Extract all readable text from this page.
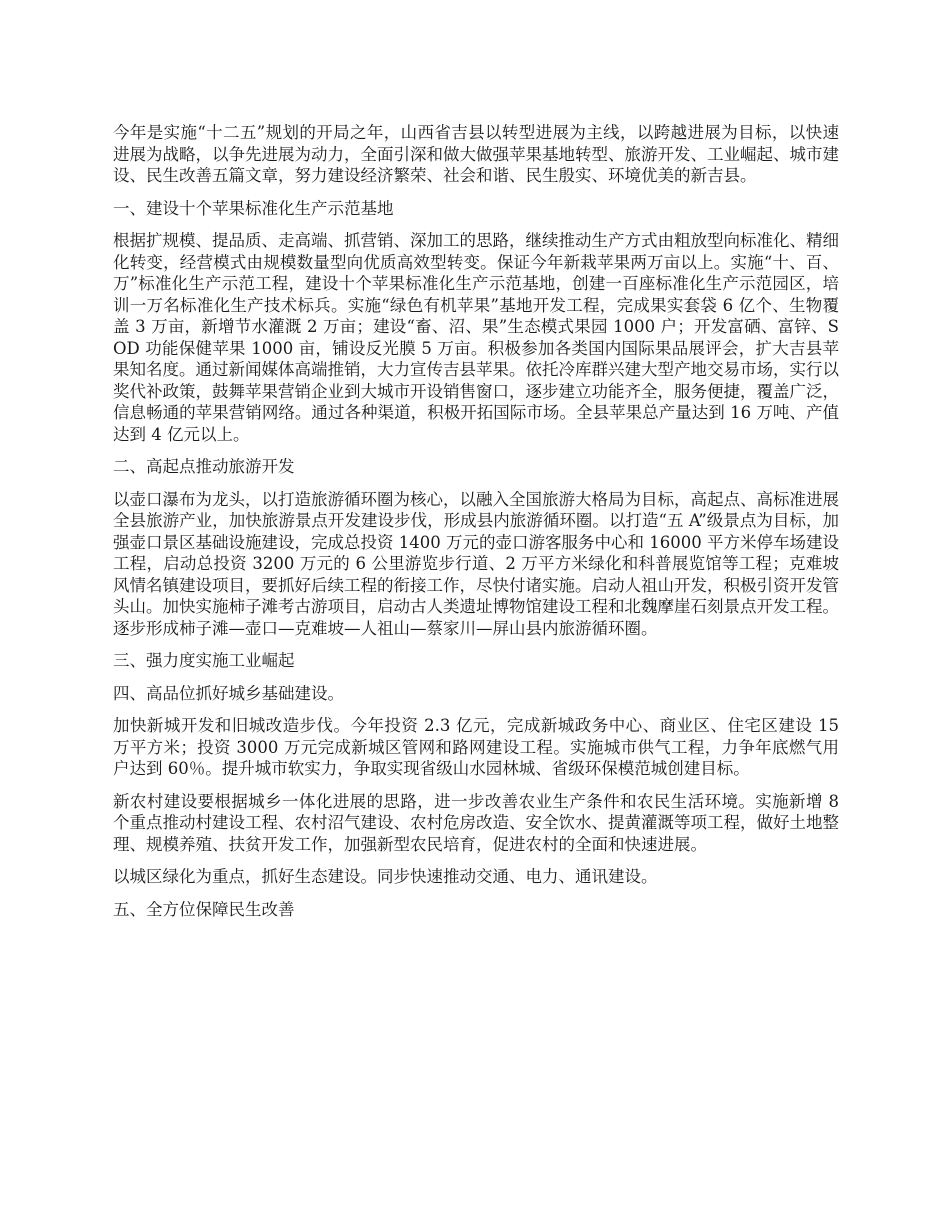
今年是实施“十二五”规划的开局之年，山西省吉县以转型进展为主线，以跨越进展为目标，以快速进展为战略，以争先进展为动力，全面引深和做大做强苹果基地转型、旅游开发、工业崛起、城市建设、民生改善五篇文章，努力建设经济繁荣、社会和谐、民生殷实、环境优美的新吉县。

一、建设十个苹果标准化生产示范基地

根据扩规模、提品质、走高端、抓营销、深加工的思路，继续推动生产方式由粗放型向标准化、精细化转变，经营模式由规模数量型向优质高效型转变。保证今年新栽苹果两万亩以上。实施“十、百、万”标准化生产示范工程，建设十个苹果标准化生产示范基地，创建一百座标准化生产示范园区，培训一万名标准化生产技术标兵。实施“绿色有机苹果”基地开发工程，完成果实套袋 6 亿个、生物覆盖 3 万亩，新增节水灌溉 2 万亩；建设“畜、沼、果”生态模式果园 1000 户；开发富硒、富锌、SOD 功能保健苹果 1000 亩，铺设反光膜 5 万亩。积极参加各类国内国际果品展评会，扩大吉县苹果知名度。通过新闻媒体高端推销，大力宣传吉县苹果。依托冷库群兴建大型产地交易市场，实行以奖代补政策，鼓舞苹果营销企业到大城市开设销售窗口，逐步建立功能齐全，服务便捷，覆盖广泛，信息畅通的苹果营销网络。通过各种渠道，积极开拓国际市场。全县苹果总产量达到 16 万吨、产值达到 4 亿元以上。

二、高起点推动旅游开发

以壶口瀑布为龙头，以打造旅游循环圈为核心，以融入全国旅游大格局为目标，高起点、高标准进展全县旅游产业，加快旅游景点开发建设步伐，形成县内旅游循环圈。以打造“五 A”级景点为目标，加强壶口景区基础设施建设，完成总投资 1400 万元的壶口游客服务中心和 16000 平方米停车场建设工程，启动总投资 3200 万元的 6 公里游览步行道、2 万平方米绿化和科普展览馆等工程；克难坡风情名镇建设项目，要抓好后续工程的衔接工作，尽快付诸实施。启动人祖山开发，积极引资开发管头山。加快实施柿子滩考古游项目，启动古人类遗址博物馆建设工程和北魏摩崖石刻景点开发工程。逐步形成柿子滩—壶口—克难坡—人祖山—蔡家川—屏山县内旅游循环圈。

三、强力度实施工业崛起

四、高品位抓好城乡基础建设。

加快新城开发和旧城改造步伐。今年投资 2.3 亿元，完成新城政务中心、商业区、住宅区建设 15 万平方米；投资 3000 万元完成新城区管网和路网建设工程。实施城市供气工程，力争年底燃气用户达到 60％。提升城市软实力，争取实现省级山水园林城、省级环保模范城创建目标。

新农村建设要根据城乡一体化进展的思路，进一步改善农业生产条件和农民生活环境。实施新增 8 个重点推动村建设工程、农村沼气建设、农村危房改造、安全饮水、提黄灌溉等项工程，做好土地整理、规模养殖、扶贫开发工作，加强新型农民培育，促进农村的全面和快速进展。

以城区绿化为重点，抓好生态建设。同步快速推动交通、电力、通讯建设。

五、全方位保障民生改善
